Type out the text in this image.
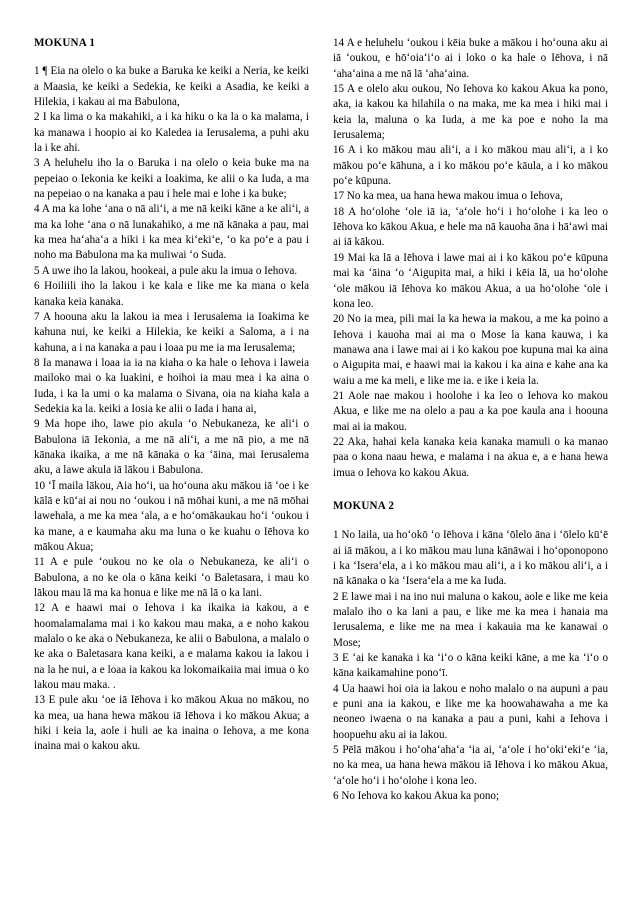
MOKUNA 1

1 ¶ Eia na olelo o ka buke a Baruka ke keiki a Neria, ke keiki a Maasia, ke keiki a Sedekia, ke keiki a Asadia, ke keiki a Hilekia, i kakau ai ma Babulona,

2 I ka lima o ka makahiki, a i ka hiku o ka la o ka malama, i ka manawa i hoopio ai ko Kaledea ia Ierusalema, a puhi aku la i ke ahi.

3 A heluhelu iho la o Baruka i na olelo o keia buke ma na pepeiao o Iekonia ke keiki a Ioakima, ke alii o ka Iuda, a ma na pepeiao o na kanaka a pau i hele mai e lohe i ka buke;

4 A ma ka lohe ʻana o nā aliʻi, a me nā keiki kāne a ke aliʻi, a ma ka lohe ʻana o nā lunakahiko, a me nā kānaka a pau, mai ka mea haʻahaʻa a hiki i ka mea kiʻekiʻe, ʻo ka poʻe a pau i noho ma Babulona ma ka muliwai ʻo Suda.

5 A uwe iho la lakou, hookeai, a pule aku la imua o Iehova.

6 Hoiliili iho la lakou i ke kala e like me ka mana o kela kanaka keia kanaka.

7 A hoouna aku la lakou ia mea i Ierusalema ia Ioakima ke kahuna nui, ke keiki a Hilekia, ke keiki a Saloma, a i na kahuna, a i na kanaka a pau i loaa pu me ia ma Ierusalema;

8 Ia manawa i loaa ia ia na kiaha o ka hale o Iehova i laweia mailoko mai o ka luakini, e hoihoi ia mau mea i ka aina o Iuda, i ka la umi o ka malama o Sivana, oia na kiaha kala a Sedekia ka la. keiki a Iosia ke alii o Iada i hana ai,

9 Ma hope iho, lawe pio akula ʻo Nebukaneza, ke aliʻi o Babulona iā Iekonia, a me nā aliʻi, a me nā pio, a me nā kānaka ikaika, a me nā kānaka o ka ʻāina, mai Ierusalema aku, a lawe akula iā lākou i Babulona.

10 ʻĪ maila lākou, Aia hoʻi, ua hoʻouna aku mākou iā ʻoe i ke kālā e kūʻai ai nou no ʻoukou i nā mōhai kuni, a me nā mōhai lawehala, a me ka mea ʻala, a e hoʻomākaukau hoʻi ʻoukou i ka mane, a e kaumaha aku ma luna o ke kuahu o Iēhova ko mākou Akua;

11 A e pule ʻoukou no ke ola o Nebukaneza, ke aliʻi o Babulona, a no ke ola o kāna keiki ʻo Baletasara, i mau ko lākou mau lā ma ka honua e like me nā lā o ka lani.

12 A e haawi mai o Iehova i ka ikaika ia kakou, a e hoomalamalama mai i ko kakou mau maka, a e noho kakou malalo o ke aka o Nebukaneza, ke alii o Babulona, a malalo o ke aka o Baletasara kana keiki, a e malama kakou ia lakou i na la he nui, a e loaa ia kakou ka lokomaikaiia mai imua o ko lakou mau maka. .

13 E pule aku ʻoe iā Iēhova i ko mākou Akua no mākou, no ka mea, ua hana hewa mākou iā Iēhova i ko mākou Akua; a hiki i keia la, aole i huli ae ka inaina o Iehova, a me kona inaina mai o kakou aku.

14 A e heluhelu ʻoukou i kēia buke a mākou i hoʻouna aku ai iā ʻoukou, e hōʻoiaʻiʻo ai i loko o ka hale o Iēhova, i nā ʻahaʻaina a me nā lā ʻahaʻaina.

15 A e olelo aku oukou, No Iehova ko kakou Akua ka pono, aka, ia kakou ka hilahila o na maka, me ka mea i hiki mai i keia la, maluna o ka Iuda, a me ka poe e noho la ma Ierusalema;

16 A i ko mākou mau aliʻi, a i ko mākou mau aliʻi, a i ko mākou poʻe kāhuna, a i ko mākou poʻe kāula, a i ko mākou poʻe kūpuna.

17 No ka mea, ua hana hewa makou imua o Iehova,

18 A hoʻolohe ʻole iā ia, ʻaʻole hoʻi i hoʻolohe i ka leo o Iēhova ko kākou Akua, e hele ma nā kauoha āna i hāʻawi mai ai iā kākou.

19 Mai ka lā a Iēhova i lawe mai ai i ko kākou poʻe kūpuna mai ka ʻāina ʻo ʻAigupita mai, a hiki i kēia lā, ua hoʻolohe ʻole mākou iā Iēhova ko mākou Akua, a ua hoʻolohe ʻole i kona leo.

20 No ia mea, pili mai la ka hewa ia makou, a me ka poino a Iehova i kauoha mai ai ma o Mose la kana kauwa, i ka manawa ana i lawe mai ai i ko kakou poe kupuna mai ka aina o Aigupita mai, e haawi mai ia kakou i ka aina e kahe ana ka waiu a me ka meli, e like me ia. e ike i keia la.

21 Aole nae makou i hoolohe i ka leo o Iehova ko makou Akua, e like me na olelo a pau a ka poe kaula ana i hoouna mai ai ia makou.

22 Aka, hahai kela kanaka keia kanaka mamuli o ka manao paa o kona naau hewa, e malama i na akua e, a e hana hewa imua o Iehova ko kakou Akua.

MOKUNA 2

1 No laila, ua hoʻokō ʻo Iēhova i kāna ʻōlelo āna i ʻōlelo kūʻē ai iā mākou, a i ko mākou mau luna kānāwai i hoʻoponopono i ka ʻIseraʻela, a i ko mākou mau aliʻi, a i ko mākou aliʻi, a i nā kānaka o ka ʻIseraʻela a me ka Iuda.

2 E lawe mai i na ino nui maluna o kakou, aole e like me keia malalo iho o ka lani a pau, e like me ka mea i hanaia ma Ierusalema, e like me na mea i kakauia ma ke kanawai o Mose;

3 E ʻai ke kanaka i ka ʻiʻo o kāna keiki kāne, a me ka ʻiʻo o kāna kaikamahine ponoʻī.

4 Ua haawi hoi oia ia lakou e noho malalo o na aupuni a pau e puni ana ia kakou, e like me ka hoowahawaha a me ka neoneo iwaena o na kanaka a pau a puni, kahi a Iehova i hoopuehu aku ai ia lakou.

5 Pēlā mākou i hoʻohaʻahaʻa ʻia ai, ʻaʻole i hoʻokiʻekiʻe ʻia, no ka mea, ua hana hewa mākou iā Iēhova i ko mākou Akua, ʻaʻole hoʻi i hoʻolohe i kona leo.

6 No Iehova ko kakou Akua ka pono;
